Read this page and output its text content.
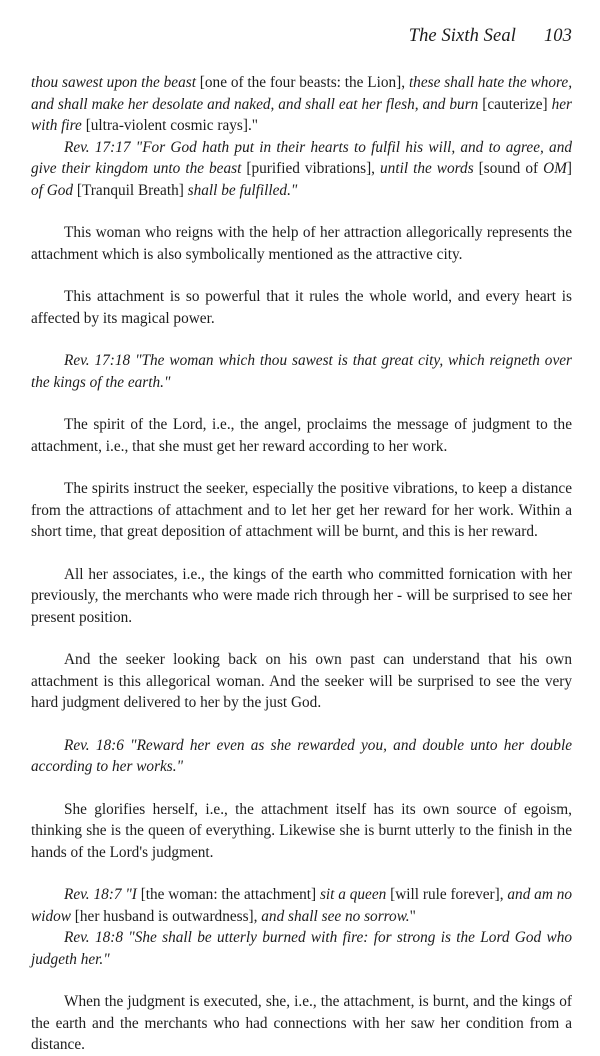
The Sixth Seal 103

thou sawest upon the beast [one of the four beasts: the Lion], these shall hate the whore, and shall make her desolate and naked, and shall eat her flesh, and burn [cauterize] her with fire [ultra-violent cosmic rays]."

Rev. 17:17 "For God hath put in their hearts to fulfil his will, and to agree, and give their kingdom unto the beast [purified vibrations], until the words [sound of OM] of God [Tranquil Breath] shall be fulfilled."

This woman who reigns with the help of her attraction allegorically represents the attachment which is also symbolically mentioned as the attractive city.

This attachment is so powerful that it rules the whole world, and every heart is affected by its magical power.

Rev. 17:18 "The woman which thou sawest is that great city, which reigneth over the kings of the earth."

The spirit of the Lord, i.e., the angel, proclaims the message of judgment to the attachment, i.e., that she must get her reward according to her work.

The spirits instruct the seeker, especially the positive vibrations, to keep a distance from the attractions of attachment and to let her get her reward for her work. Within a short time, that great deposition of attachment will be burnt, and this is her reward.

All her associates, i.e., the kings of the earth who committed fornication with her previously, the merchants who were made rich through her - will be surprised to see her present position.

And the seeker looking back on his own past can understand that his own attachment is this allegorical woman. And the seeker will be surprised to see the very hard judgment delivered to her by the just God.

Rev. 18:6 "Reward her even as she rewarded you, and double unto her double according to her works."

She glorifies herself, i.e., the attachment itself has its own source of egoism, thinking she is the queen of everything. Likewise she is burnt utterly to the finish in the hands of the Lord's judgment.

Rev. 18:7 "I [the woman: the attachment] sit a queen [will rule forever], and am no widow [her husband is outwardness], and shall see no sorrow."

Rev. 18:8 "She shall be utterly burned with fire: for strong is the Lord God who judgeth her."

When the judgment is executed, she, i.e., the attachment, is burnt, and the kings of the earth and the merchants who had connections with her saw her condition from a distance.
